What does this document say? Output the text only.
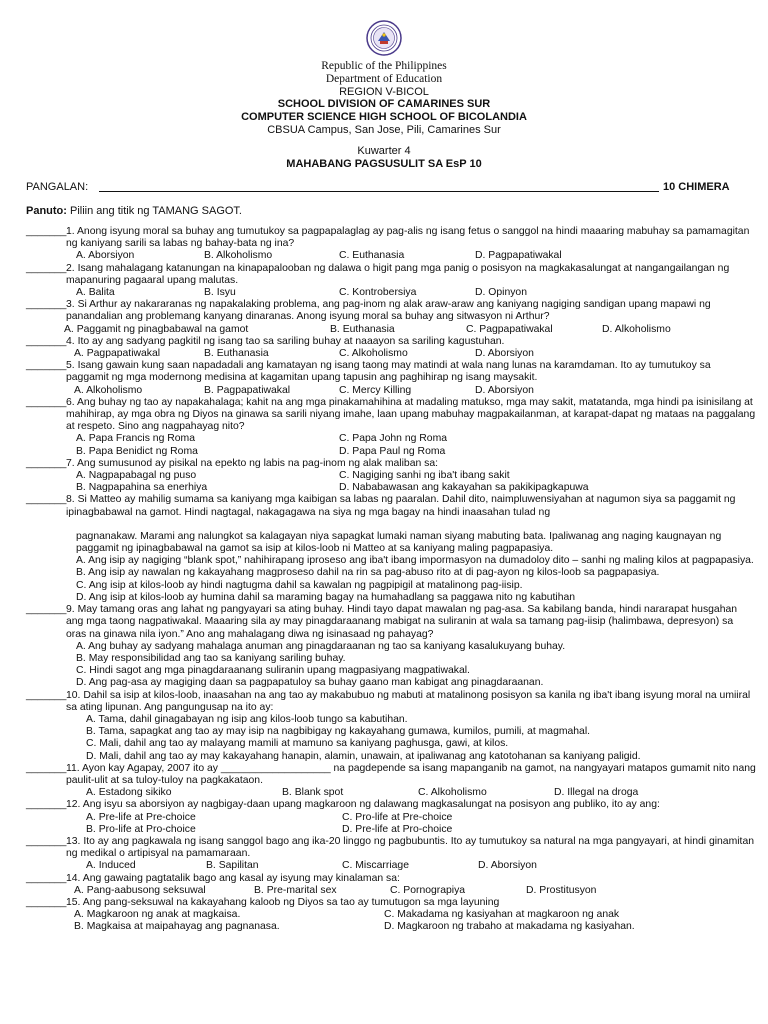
Republic of the Philippines
Department of Education
REGION V-BICOL
SCHOOL DIVISION OF CAMARINES SUR
COMPUTER SCIENCE HIGH SCHOOL OF BICOLANDIA
CBSUA Campus, San Jose, Pili, Camarines Sur
Kuwarter 4
MAHABANG PAGSUSULIT SA EsP 10
PANGALAN:	10 CHIMERA
Panuto: Piliin ang titik ng TAMANG SAGOT.
_______1. Anong isyung moral sa buhay ang tumutukoy sa pagpapalaglag ay pag-alis ng isang fetus o sanggol na hindi maaaring mabuhay sa pamamagitan ng kaniyang sarili sa labas ng bahay-bata ng ina?
A. Aborsiyon	B. Alkoholismo	C. Euthanasia	D. Pagpapatiwakal
_______2. Isang mahalagang katanungan na kinapapalooban ng dalawa o higit pang mga panig o posisyon na magkakasalungat at nangangailangan ng mapanuring pagaaral upang malutas.
A. Balita	B. Isyu	C. Kontrobersiya	D. Opinyon
_______3. Si Arthur ay nakararanas ng napakalaking problema, ang pag-inom ng alak araw-araw ang kaniyang nagiging sandigan upang mapawi ng panandalian ang problemang kanyang dinaranas. Anong isyung moral sa buhay ang sitwasyon ni Arthur?
A. Paggamit ng pinagbabawal na gamot	B. Euthanasia	C. Pagpapatiwakal	D. Alkoholismo
_______4. Ito ay ang sadyang pagkitil ng isang tao sa sariling buhay at naaayon sa sariling kagustuhan.
A. Pagpapatiwakal	B. Euthanasia	C. Alkoholismo	D. Aborsiyon
_______5. Isang gawain kung saan napadadali ang kamatayan ng isang taong may matindi at wala nang lunas na karamdaman. Ito ay tumutukoy sa paggamit ng mga modernong medisina at kagamitan upang tapusin ang paghihirap ng isang maysakit.
A. Alkoholismo	B. Pagpapatiwakal	C. Mercy Killing	D. Aborsiyon
_______6. Ang buhay ng tao ay napakahalaga; kahit na ang mga pinakamahihina at madaling matukso, mga may sakit, matatanda, mga hindi pa isinisilang at mahihirap, ay mga obra ng Diyos na ginawa sa sarili niyang imahe, laan upang mabuhay magpakailanman, at karapat-dapat ng mataas na paggalang at respeto. Sino ang nagpahayag nito?
A. Papa Francis ng Roma	C. Papa John ng Roma
B. Papa Benidict ng Roma	D. Papa Paul ng Roma
_______7. Ang sumusunod ay pisikal na epekto ng labis na pag-inom ng alak maliban sa:
A. Nagpapabagal ng puso	C. Nagiging sanhi ng iba't ibang sakit
B. Nagpapahina sa enerhiya	D. Nababawasan ang kakayahan sa pakikipagkapuwa
_______8. Si Matteo ay mahilig sumama sa kaniyang mga kaibigan sa labas ng paaralan. Dahil dito, naimpluwensiyahan at nagumon siya sa paggamit ng ipinagbabawal na gamot. Hindi nagtagal, nakagagawa na siya ng mga bagay na hindi inaasahan tulad ng
pagnanakaw. Marami ang nalungkot sa kalagayan niya sapagkat lumaki naman siyang mabuting bata. Ipaliwanag ang naging kaugnayan ng paggamit ng ipinagbabawal na gamot sa isip at kilos-loob ni Matteo at sa kaniyang maling pagpapasiya.
A. Ang isip ay nagiging “blank spot,” nahihirapang iproseso ang iba't ibang impormasyon na dumadoloy dito – sanhi ng maling kilos at pagpapasiya.
B. Ang isip ay nawalan ng kakayahang magproseso dahil na rin sa pag-abuso rito at di pag-ayon ng kilos-loob sa pagpapasiya.
C. Ang isip at kilos-loob ay hindi nagtugma dahil sa kawalan ng pagpipigil at matalinong pag-iisip.
D. Ang isip at kilos-loob ay humina dahil sa maraming bagay na humahadlang sa paggawa nito ng kabutihan
_______9. May tamang oras ang lahat ng pangyayari sa ating buhay. Hindi tayo dapat mawalan ng pag-asa. Sa kabilang banda, hindi nararapat husgahan ang mga taong nagpatiwakal. Maaaring sila ay may pinagdaraanang mabigat na suliranin at wala sa tamang pag-iisip (halimbawa, depresyon) sa oras na ginawa nila iyon.” Ano ang mahalagang diwa ng isinasaad ng pahayag?
A. Ang buhay ay sadyang mahalaga anuman ang pinagdaraanan ng tao sa kaniyang kasalukuyang buhay.
B. May responsibilidad ang tao sa kaniyang sariling buhay.
C. Hindi sagot ang mga pinagdaraanang suliranin upang magpasiyang magpatiwakal.
D. Ang pag-asa ay magiging daan sa pagpapatuloy sa buhay gaano man kabigat ang pinagdaraanan.
_______10. Dahil sa isip at kilos-loob, inaasahan na ang tao ay makabubuo ng mabuti at matalinong posisyon sa kanila ng iba't ibang isyung moral na umiiral sa ating lipunan. Ang pangungusap na ito ay:
A. Tama, dahil ginagabayan ng isip ang kilos-loob tungo sa kabutihan.
B. Tama, sapagkat ang tao ay may isip na nagbibigay ng kakayahang gumawa, kumilos, pumili, at magmahal.
C. Mali, dahil ang tao ay malayang mamili at mamuno sa kaniyang paghusga, gawi, at kilos.
D. Mali, dahil ang tao ay may kakayahang hanapin, alamin, unawain, at ipaliwanag ang katotohanan sa kaniyang paligid.
_______11. Ayon kay Agapay, 2007 ito ay ___________________ na pagdepende sa isang mapanganib na gamot, na nangyayari matapos gumamit nito nang paulit-ulit at sa tuloy-tuloy na pagkakataon.
A. Estadong sikiko	B. Blank spot	C. Alkoholismo	D. Illegal na droga
_______12. Ang isyu sa aborsiyon ay nagbigay-daan upang magkaroon ng dalawang magkasalungat na posisyon ang publiko, ito ay ang:
A. Pre-life at Pre-choice	C. Pro-life at Pre-choice
B. Pro-life at Pro-choice	D. Pre-life at Pro-choice
_______13. Ito ay ang pagkawala ng isang sanggol bago ang ika-20 linggo ng pagbubuntis. Ito ay tumutukoy sa natural na mga pangyayari, at hindi ginamitan ng medikal o artipisyal na pamamaraan.
A. Induced	B. Sapilitan	C. Miscarriage	D. Aborsiyon
_______14. Ang gawaing pagtatalik bago ang kasal ay isyung may kinalaman sa:
A. Pang-aabusong seksuwal	B. Pre-marital sex	C. Pornograpiya	D. Prostitusyon
_______15. Ang pang-seksuwal na kakayahang kaloob ng Diyos sa tao ay tumutugon sa mga layuning
A. Magkaroon ng anak at magkaisa.	C. Makadama ng kasiyahan at magkaroon ng anak
B. Magkaisa at maipahayag ang pagnanasa.	D. Magkaroon ng trabaho at makadama ng kasiyahan.
